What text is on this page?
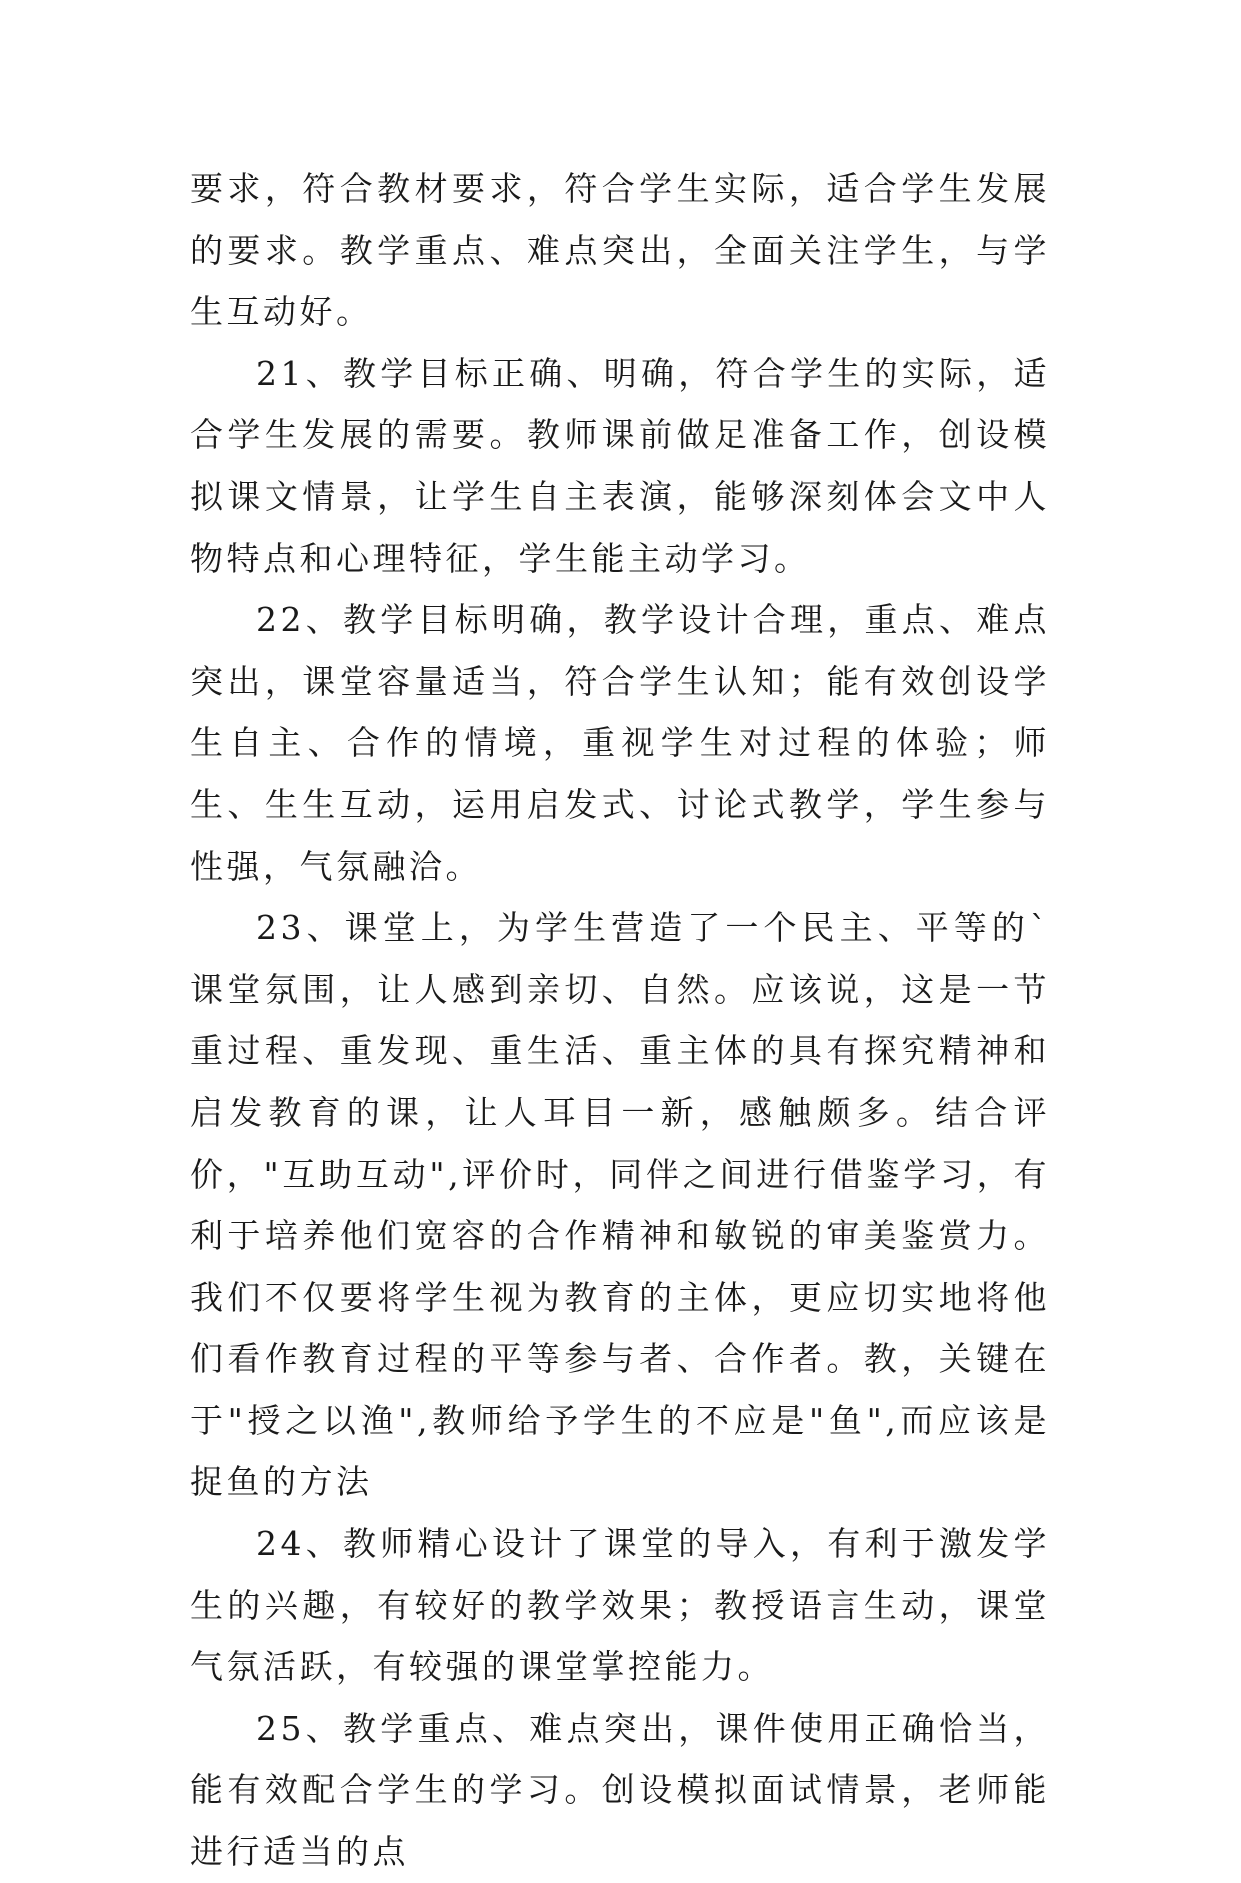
要求，符合教材要求，符合学生实际，适合学生发展的要求。教学重点、难点突出，全面关注学生，与学生互动好。

21、教学目标正确、明确，符合学生的实际，适合学生发展的需要。教师课前做足准备工作，创设模拟课文情景，让学生自主表演，能够深刻体会文中人物特点和心理特征，学生能主动学习。

22、教学目标明确，教学设计合理，重点、难点突出，课堂容量适当，符合学生认知；能有效创设学生自主、合作的情境，重视学生对过程的体验；师生、生生互动，运用启发式、讨论式教学，学生参与性强，气氛融洽。

23、课堂上，为学生营造了一个民主、平等的`课堂氛围，让人感到亲切、自然。应该说，这是一节重过程、重发现、重生活、重主体的具有探究精神和启发教育的课，让人耳目一新，感触颇多。结合评价，"互助互动",评价时，同伴之间进行借鉴学习，有利于培养他们宽容的合作精神和敏锐的审美鉴赏力。我们不仅要将学生视为教育的主体，更应切实地将他们看作教育过程的平等参与者、合作者。教，关键在于"授之以渔",教师给予学生的不应是"鱼",而应该是捉鱼的方法

24、教师精心设计了课堂的导入，有利于激发学生的兴趣，有较好的教学效果；教授语言生动，课堂气氛活跃，有较强的课堂掌控能力。

25、教学重点、难点突出，课件使用正确恰当，能有效配合学生的学习。创设模拟面试情景，老师能进行适当的点
